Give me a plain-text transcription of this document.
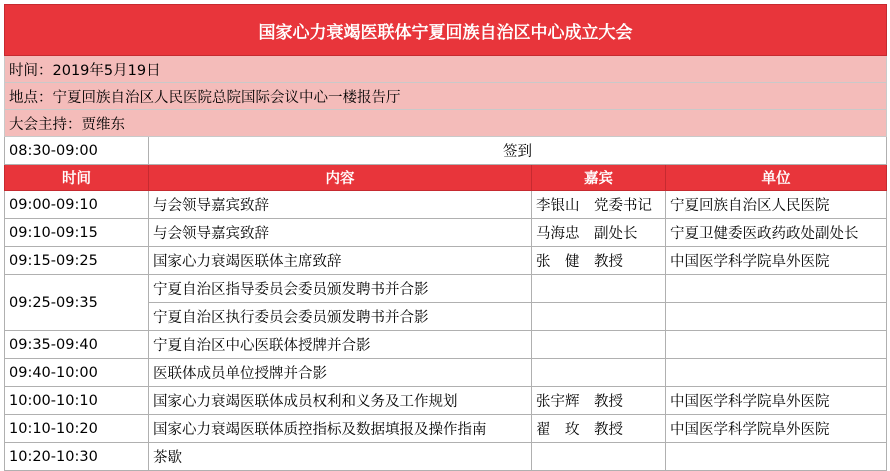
国家心力衰竭医联体宁夏回族自治区中心成立大会			
时间：2019年5月19日			
地点：宁夏回族自治区人民医院总院国际会议中心一楼报告厅			
大会主持：贾维东			
08:30-09:00	签到		
时间	内容	嘉宾	单位
09:00-09:10	与会领导嘉宾致辞	李银山　党委书记	宁夏回族自治区人民医院
09:10-09:15	与会领导嘉宾致辞	马海忠　副处长	宁夏卫健委医政药政处副处长
09:15-09:25	国家心力衰竭医联体主席致辞	张　健　教授	中国医学科学院阜外医院
09:25-09:35	宁夏自治区指导委员会委员颁发聘书并合影		
	宁夏自治区执行委员会委员颁发聘书并合影		
09:35-09:40	宁夏自治区中心医联体授牌并合影		
09:40-10:00	医联体成员单位授牌并合影		
10:00-10:10	国家心力衰竭医联体成员权利和义务及工作规划	张宇辉　教授	中国医学科学院阜外医院
10:10-10:20	国家心力衰竭医联体质控指标及数据填报及操作指南	翟　玫　教授	中国医学科学院阜外医院
10:20-10:30	茶歇		
